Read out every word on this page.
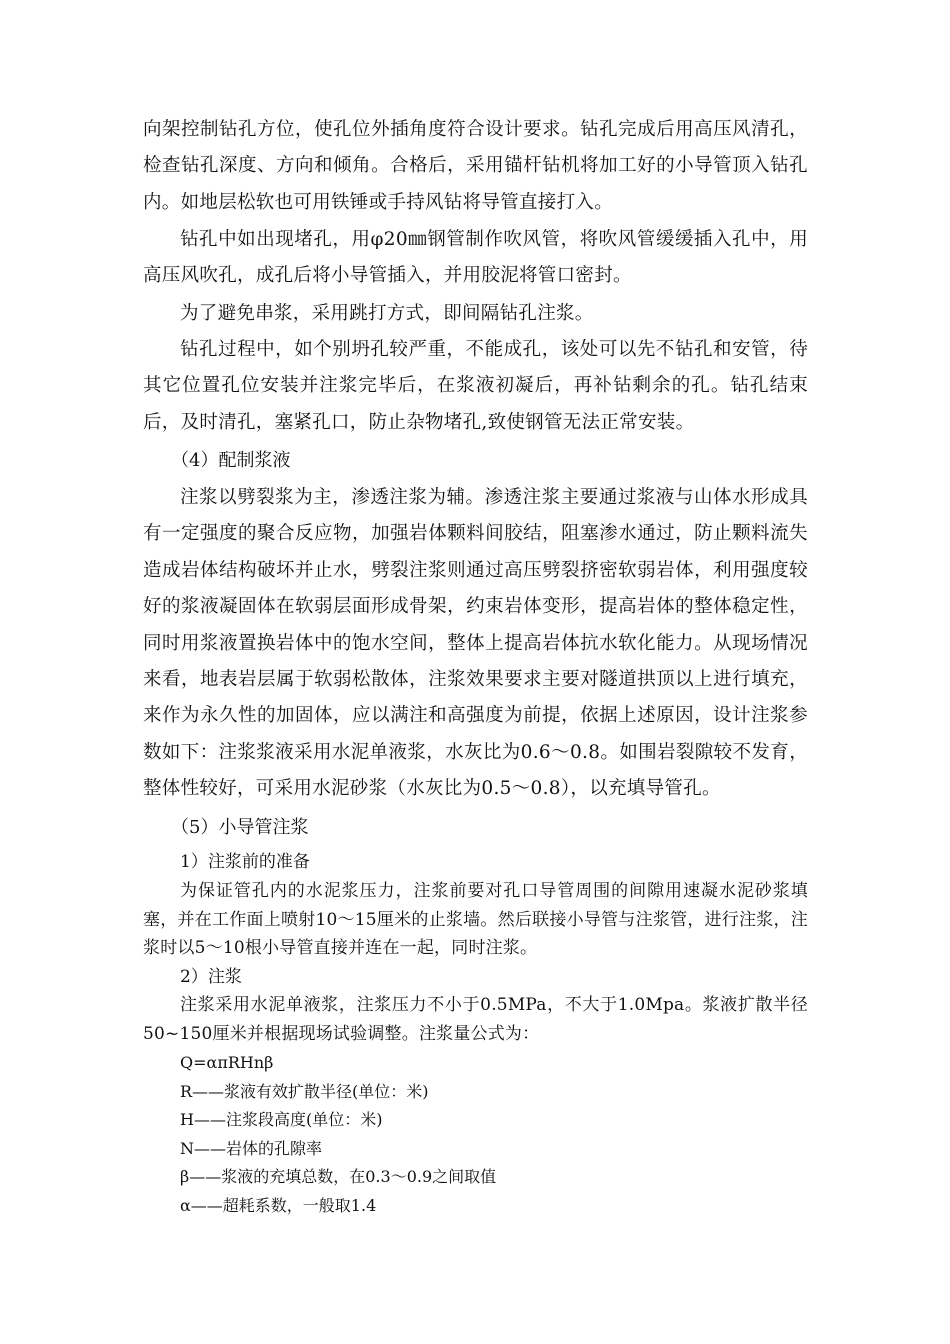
向架控制钻孔方位，使孔位外插角度符合设计要求。钻孔完成后用高压风清孔，检查钻孔深度、方向和倾角。合格后，采用锚杆钻机将加工好的小导管顶入钻孔内。如地层松软也可用铁锤或手持风钻将导管直接打入。

钻孔中如出现堵孔，用φ20㎜钢管制作吹风管，将吹风管缓缓插入孔中，用高压风吹孔，成孔后将小导管插入，并用胶泥将管口密封。

为了避免串浆，采用跳打方式，即间隔钻孔注浆。

钻孔过程中，如个别坍孔较严重，不能成孔，该处可以先不钻孔和安管，待其它位置孔位安装并注浆完毕后，在浆液初凝后，再补钻剩余的孔。钻孔结束后，及时清孔，塞紧孔口，防止杂物堵孔,致使钢管无法正常安装。

（4）配制浆液

注浆以劈裂浆为主，渗透注浆为辅。渗透注浆主要通过浆液与山体水形成具有一定强度的聚合反应物，加强岩体颗料间胶结，阻塞渗水通过，防止颗料流失造成岩体结构破坏并止水，劈裂注浆则通过高压劈裂挤密软弱岩体，利用强度较好的浆液凝固体在软弱层面形成骨架，约束岩体变形，提高岩体的整体稳定性，同时用浆液置换岩体中的饱水空间，整体上提高岩体抗水软化能力。从现场情况来看，地表岩层属于软弱松散体，注浆效果要求主要对隧道拱顶以上进行填充，来作为永久性的加固体，应以满注和高强度为前提，依据上述原因，设计注浆参数如下：注浆浆液采用水泥单液浆，水灰比为0.6～0.8。如围岩裂隙较不发育，整体性较好，可采用水泥砂浆（水灰比为0.5～0.8），以充填导管孔。

（5）小导管注浆

1）注浆前的准备

为保证管孔内的水泥浆压力，注浆前要对孔口导管周围的间隙用速凝水泥砂浆填塞，并在工作面上喷射10～15厘米的止浆墙。然后联接小导管与注浆管，进行注浆，注浆时以5～10根小导管直接并连在一起，同时注浆。

2）注浆

注浆采用水泥单液浆，注浆压力不小于0.5MPa，不大于1.0Mpa。浆液扩散半径50~150厘米并根据现场试验调整。注浆量公式为：

Q=απRHnβ

R——浆液有效扩散半径(单位：米)

H——注浆段高度(单位：米)

N——岩体的孔隙率

β——浆液的充填总数，在0.3～0.9之间取值

α——超耗系数，一般取1.4
